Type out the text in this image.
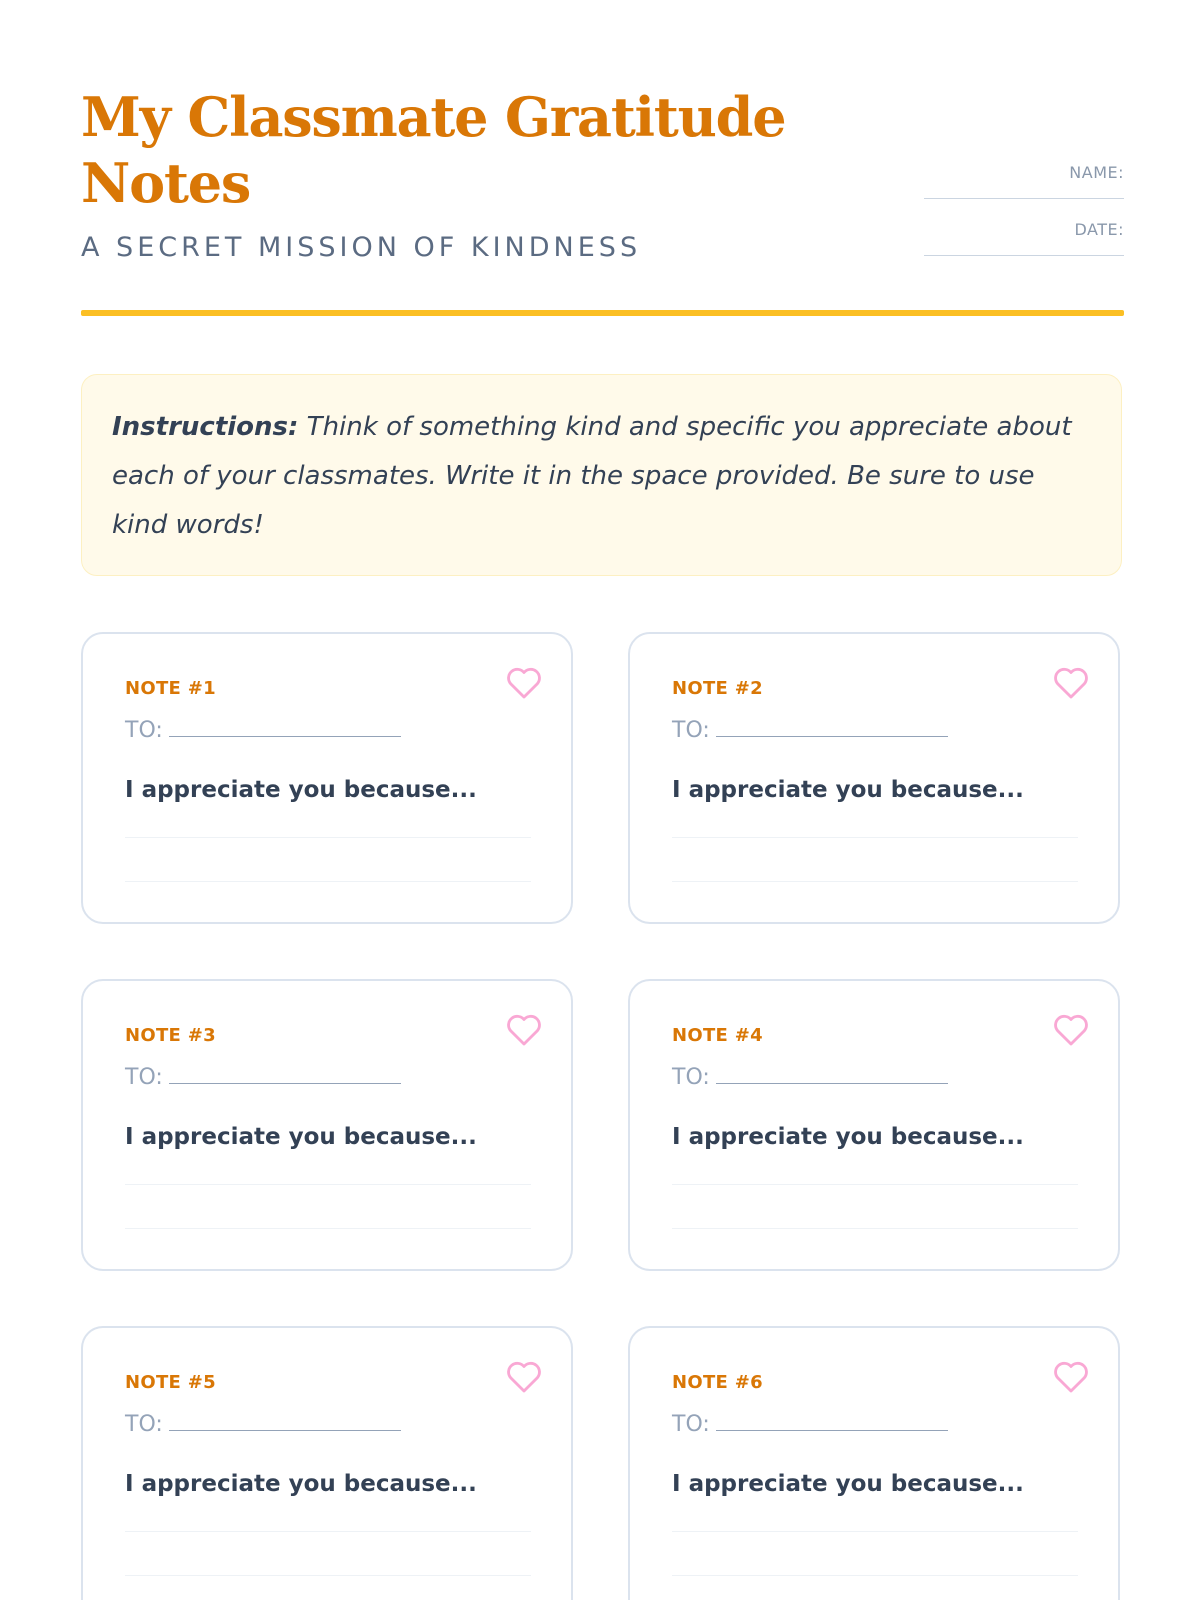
My Classmate Gratitude Notes
A SECRET MISSION OF KINDNESS
NAME:
DATE:
Instructions: Think of something kind and specific you appreciate about each of your classmates. Write it in the space provided. Be sure to use kind words!
NOTE #1
TO:
I appreciate you because...
NOTE #2
TO:
I appreciate you because...
NOTE #3
TO:
I appreciate you because...
NOTE #4
TO:
I appreciate you because...
NOTE #5
TO:
I appreciate you because...
NOTE #6
TO:
I appreciate you because...
